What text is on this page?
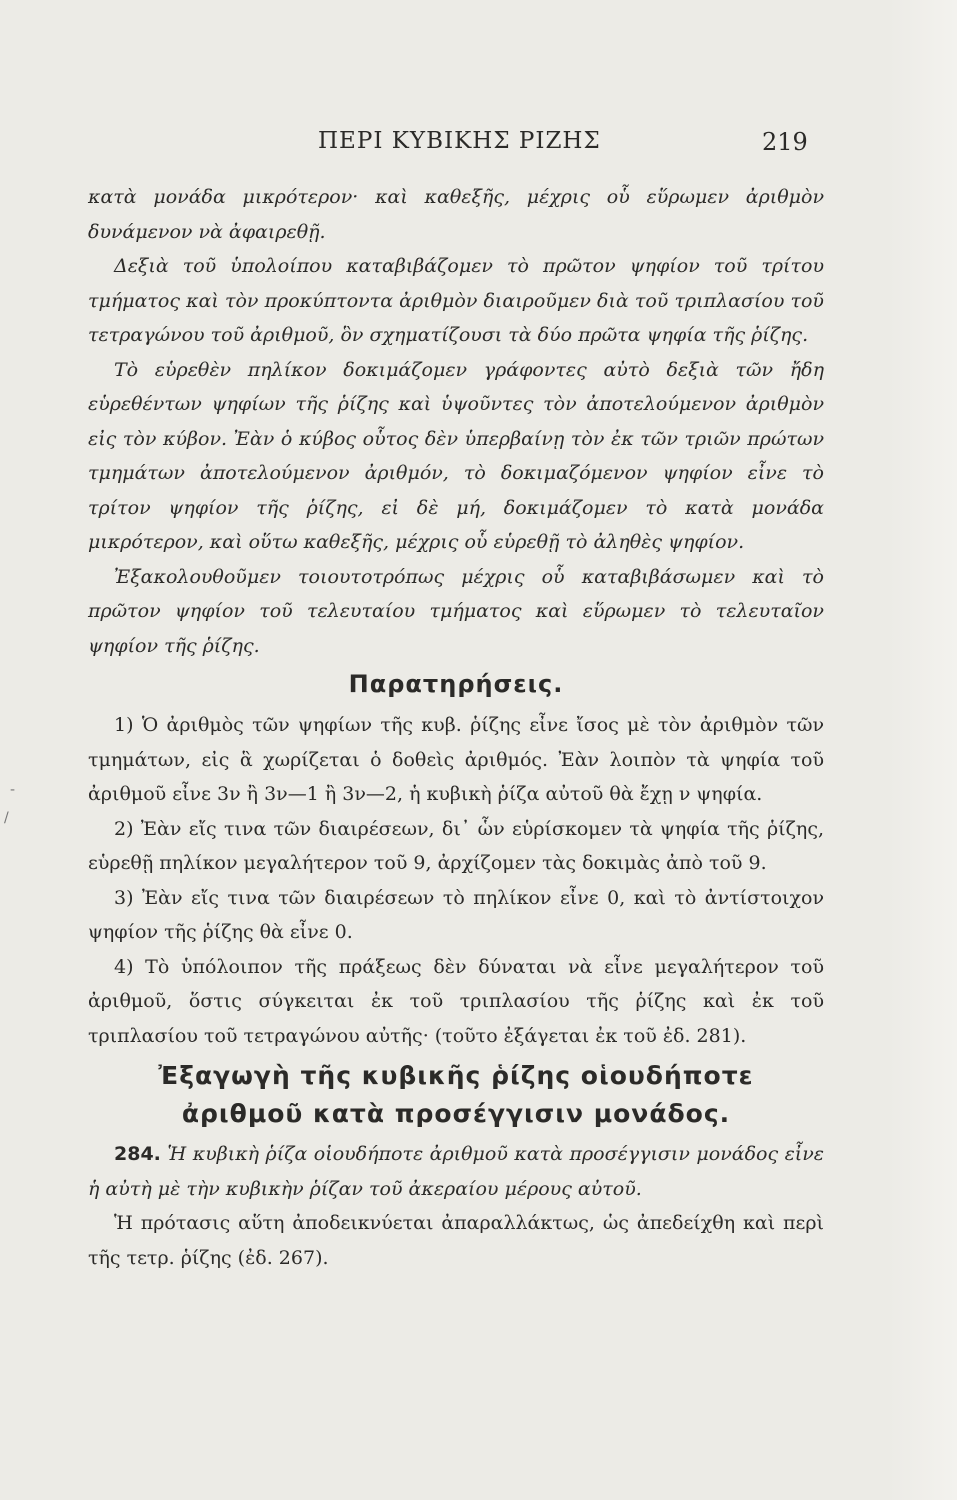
ΠΕΡΙ ΚΥΒΙΚΗΣ ΡΙΖΗΣ	219
-
/

κατὰ μονάδα μικρότερον· καὶ καθεξῆς, μέχρις οὗ εὕρωμεν ἀριθμὸν δυνάμενον νὰ ἀφαιρεθῇ.

Δεξιὰ τοῦ ὑπολοίπου καταβιβάζομεν τὸ πρῶτον ψηφίον τοῦ τρίτου τμήματος καὶ τὸν προκύπτοντα ἀριθμὸν διαιροῦμεν διὰ τοῦ τριπλασίου τοῦ τετραγώνου τοῦ ἀριθμοῦ, ὃν σχηματίζουσι τὰ δύο πρῶτα ψηφία τῆς ῥίζης.

Τὸ εὑρεθὲν πηλίκον δοκιμάζομεν γράφοντες αὐτὸ δεξιὰ τῶν ἤδη εὑρεθέντων ψηφίων τῆς ῥίζης καὶ ὑψοῦντες τὸν ἀποτελούμενον ἀριθμὸν εἰς τὸν κύβον. Ἐὰν ὁ κύβος οὗτος δὲν ὑπερβαίνῃ τὸν ἐκ τῶν τριῶν πρώτων τμημάτων ἀποτελούμενον ἀριθμόν, τὸ δοκιμαζόμενον ψηφίον εἶνε τὸ τρίτον ψηφίον τῆς ῥίζης, εἰ δὲ μή, δοκιμάζομεν τὸ κατὰ μονάδα μικρότερον, καὶ οὕτω καθεξῆς, μέχρις οὗ εὑρεθῇ τὸ ἀληθὲς ψηφίον.

Ἐξακολουθοῦμεν τοιουτοτρόπως μέχρις οὗ καταβιβάσωμεν καὶ τὸ πρῶτον ψηφίον τοῦ τελευταίου τμήματος καὶ εὕρωμεν τὸ τελευταῖον ψηφίον τῆς ῥίζης.

Παρατηρήσεις.

1) Ὁ ἀριθμὸς τῶν ψηφίων τῆς κυβ. ῥίζης εἶνε ἴσος μὲ τὸν ἀριθμὸν τῶν τμημάτων, εἰς ἃ χωρίζεται ὁ δοθεὶς ἀριθμός. Ἐὰν λοιπὸν τὰ ψηφία τοῦ ἀριθμοῦ εἶνε 3ν ἢ 3ν—1 ἢ 3ν—2, ἡ κυβικὴ ῥίζα αὐτοῦ θὰ ἔχῃ ν ψηφία.

2) Ἐὰν εἴς τινα τῶν διαιρέσεων, δι᾽ ὧν εὑρίσκομεν τὰ ψηφία τῆς ῥίζης, εὑρεθῇ πηλίκον μεγαλήτερον τοῦ 9, ἀρχίζομεν τὰς δοκιμὰς ἀπὸ τοῦ 9.

3) Ἐὰν εἴς τινα τῶν διαιρέσεων τὸ πηλίκον εἶνε 0, καὶ τὸ ἀντίστοιχον ψηφίον τῆς ῥίζης θὰ εἶνε 0.

4) Τὸ ὑπόλοιπον τῆς πράξεως δὲν δύναται νὰ εἶνε μεγαλήτερον τοῦ ἀριθμοῦ, ὅστις σύγκειται ἐκ τοῦ τριπλασίου τῆς ῥίζης καὶ ἐκ τοῦ τριπλασίου τοῦ τετραγώνου αὐτῆς· (τοῦτο ἐξάγεται ἐκ τοῦ ἐδ. 281).

Ἐξαγωγὴ τῆς κυβικῆς ῥίζης οἱουδήποτε
ἀριθμοῦ κατὰ προσέγγισιν μονάδος.

284. Ἡ κυβικὴ ῥίζα οἱουδήποτε ἀριθμοῦ κατὰ προσέγγισιν μονάδος εἶνε ἡ αὐτὴ μὲ τὴν κυβικὴν ῥίζαν τοῦ ἀκεραίου μέρους αὐτοῦ.

Ἡ πρότασις αὕτη ἀποδεικνύεται ἀπαραλλάκτως, ὡς ἀπεδείχθη καὶ περὶ τῆς τετρ. ῥίζης (ἐδ. 267).
